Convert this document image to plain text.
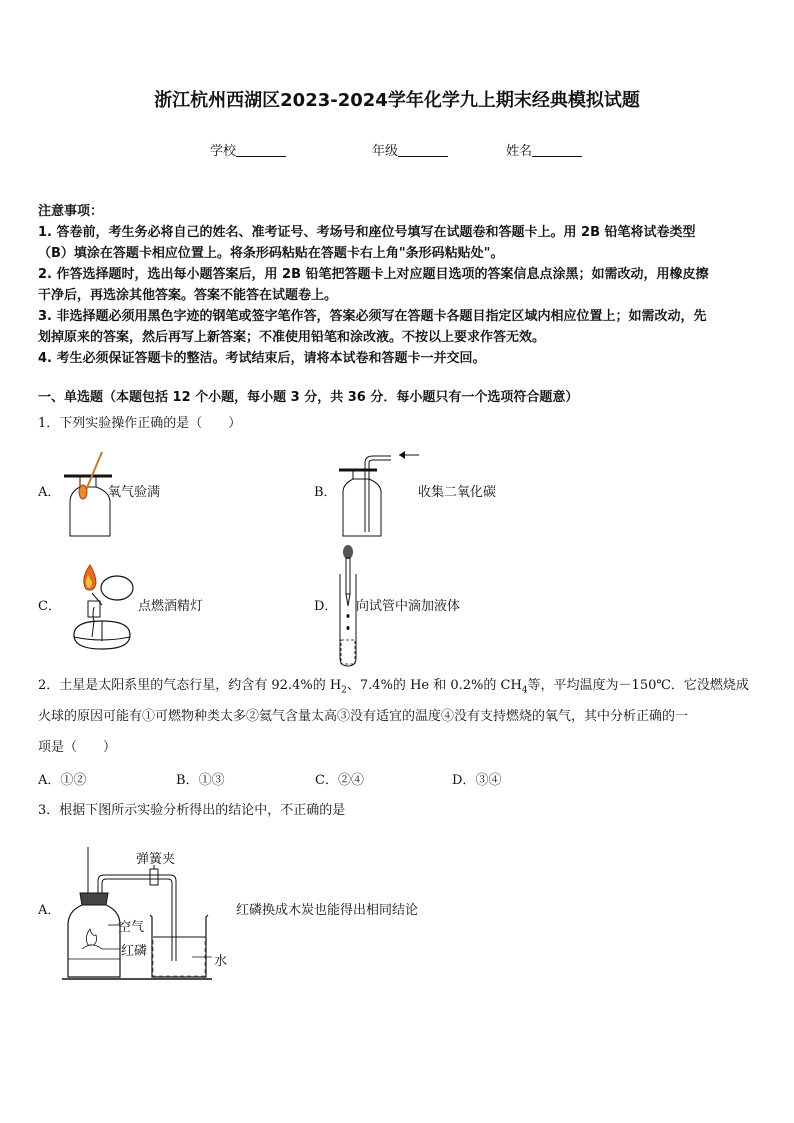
浙江杭州西湖区2023-2024学年化学九上期末经典模拟试题
学校	年级	姓名
注意事项：
1. 答卷前，考生务必将自己的姓名、准考证号、考场号和座位号填写在试题卷和答题卡上。用 2B 铅笔将试卷类型
（B）填涂在答题卡相应位置上。将条形码粘贴在答题卡右上角"条形码粘贴处"。
2. 作答选择题时，选出每小题答案后，用 2B 铅笔把答题卡上对应题目选项的答案信息点涂黑；如需改动，用橡皮擦
干净后，再选涂其他答案。答案不能答在试题卷上。
3. 非选择题必须用黑色字迹的钢笔或签字笔作答，答案必须写在答题卡各题目指定区域内相应位置上；如需改动，先
划掉原来的答案，然后再写上新答案；不准使用铅笔和涂改液。不按以上要求作答无效。
4. 考生必须保证答题卡的整洁。考试结束后，请将本试卷和答题卡一并交回。
一、单选题（本题包括 12 个小题，每小题 3 分，共 36 分．每小题只有一个选项符合题意）
1．下列实验操作正确的是（　　）
A．	氧气验满	B．	收集二氧化碳
C．	点燃酒精灯	D． 向试管中滴加液体
2．土星是太阳系里的气态行星，约含有 92.4%的 $H_2$、7.4%的 He 和 0.2%的 $CH_4$等，平均温度为－150℃．它没燃烧成
火球的原因可能有①可燃物种类太多②氦气含量太高③没有适宜的温度④没有支持燃烧的氧气，其中分析正确的一
项是（　　）
A．①②	B．①③	C．②④	D．③④
3．根据下图所示实验分析得出的结论中，不正确的是
A．
弹簧夹
空气
红磷
水
红磷换成木炭也能得出相同结论
